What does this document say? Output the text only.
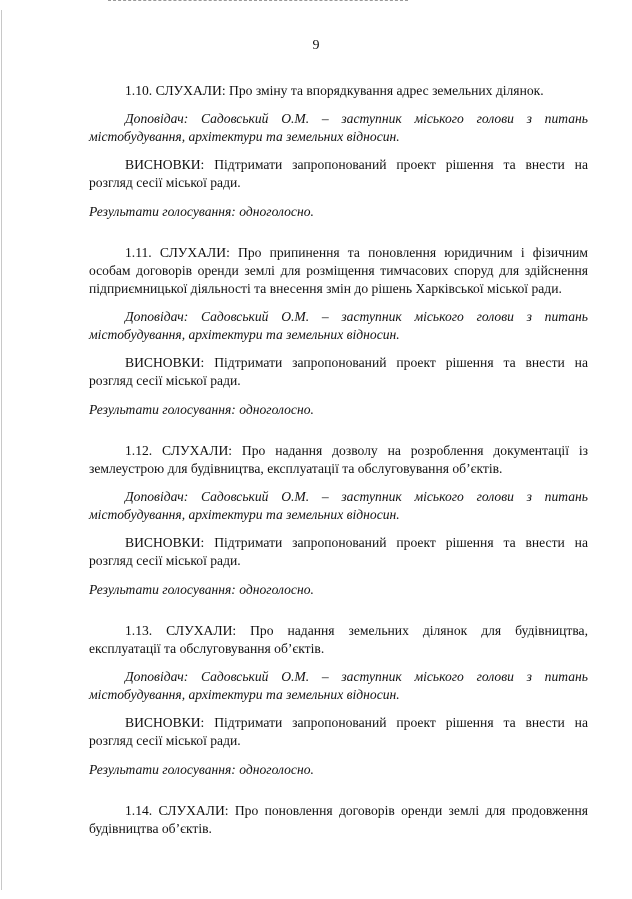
9

1.10. СЛУХАЛИ: Про зміну та впорядкування адрес земельних ділянок.

Доповідач: Садовський О.М. – заступник міського голови з питань містобудування, архітектури та земельних відносин.

ВИСНОВКИ: Підтримати запропонований проект рішення та внести на розгляд сесії міської ради.

Результати голосування: одноголосно.

1.11. СЛУХАЛИ: Про припинення та поновлення юридичним і фізичним особам договорів оренди землі для розміщення тимчасових споруд для здійснення підприємницької діяльності та внесення змін до рішень Харківської міської ради.

Доповідач: Садовський О.М. – заступник міського голови з питань містобудування, архітектури та земельних відносин.

ВИСНОВКИ: Підтримати запропонований проект рішення та внести на розгляд сесії міської ради.

Результати голосування: одноголосно.

1.12. СЛУХАЛИ: Про надання дозволу на розроблення документації із землеустрою для будівництва, експлуатації та обслуговування об’єктів.

Доповідач: Садовський О.М. – заступник міського голови з питань містобудування, архітектури та земельних відносин.

ВИСНОВКИ: Підтримати запропонований проект рішення та внести на розгляд сесії міської ради.

Результати голосування: одноголосно.

1.13. СЛУХАЛИ: Про надання земельних ділянок для будівництва, експлуатації та обслуговування об’єктів.

Доповідач: Садовський О.М. – заступник міського голови з питань містобудування, архітектури та земельних відносин.

ВИСНОВКИ: Підтримати запропонований проект рішення та внести на розгляд сесії міської ради.

Результати голосування: одноголосно.

1.14. СЛУХАЛИ: Про поновлення договорів оренди землі для продовження будівництва об’єктів.
